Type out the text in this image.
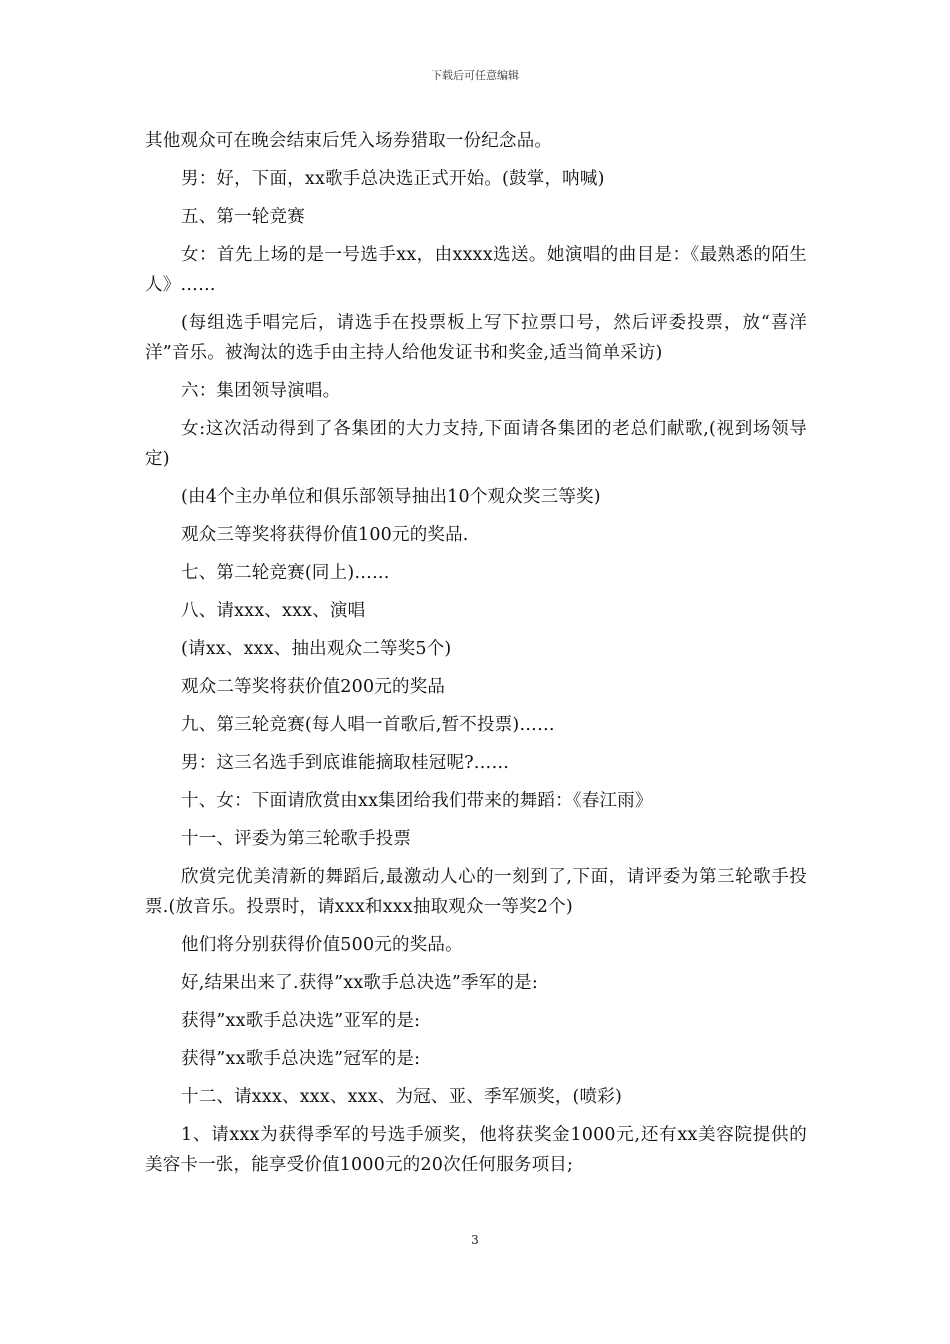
下载后可任意编辑

其他观众可在晚会结束后凭入场券猎取一份纪念品。

男：好，下面，xx歌手总决选正式开始。(鼓掌，呐喊)

五、第一轮竞赛

女：首先上场的是一号选手xx，由xxxx选送。她演唱的曲目是：《最熟悉的陌生人》……

(每组选手唱完后，请选手在投票板上写下拉票口号，然后评委投票，放“喜洋洋”音乐。被淘汰的选手由主持人给他发证书和奖金,适当简单采访)

六：集团领导演唱。

女:这次活动得到了各集团的大力支持,下面请各集团的老总们献歌,(视到场领导定)

(由4个主办单位和俱乐部领导抽出10个观众奖三等奖)

观众三等奖将获得价值100元的奖品.

七、第二轮竞赛(同上)……

八、请xxx、xxx、演唱

(请xx、xxx、抽出观众二等奖5个)

观众二等奖将获价值200元的奖品

九、第三轮竞赛(每人唱一首歌后,暂不投票)……

男：这三名选手到底谁能摘取桂冠呢?……

十、女：下面请欣赏由xx集团给我们带来的舞蹈：《春江雨》

十一、评委为第三轮歌手投票

欣赏完优美清新的舞蹈后,最激动人心的一刻到了,下面，请评委为第三轮歌手投票.(放音乐。投票时，请xxx和xxx抽取观众一等奖2个)

他们将分别获得价值500元的奖品。

好,结果出来了.获得”xx歌手总决选”季军的是:

获得”xx歌手总决选”亚军的是:

获得”xx歌手总决选”冠军的是:

十二、请xxx、xxx、xxx、为冠、亚、季军颁奖，(喷彩)

1、请xxx为获得季军的号选手颁奖，他将获奖金1000元,还有xx美容院提供的美容卡一张，能享受价值1000元的20次任何服务项目;

3
